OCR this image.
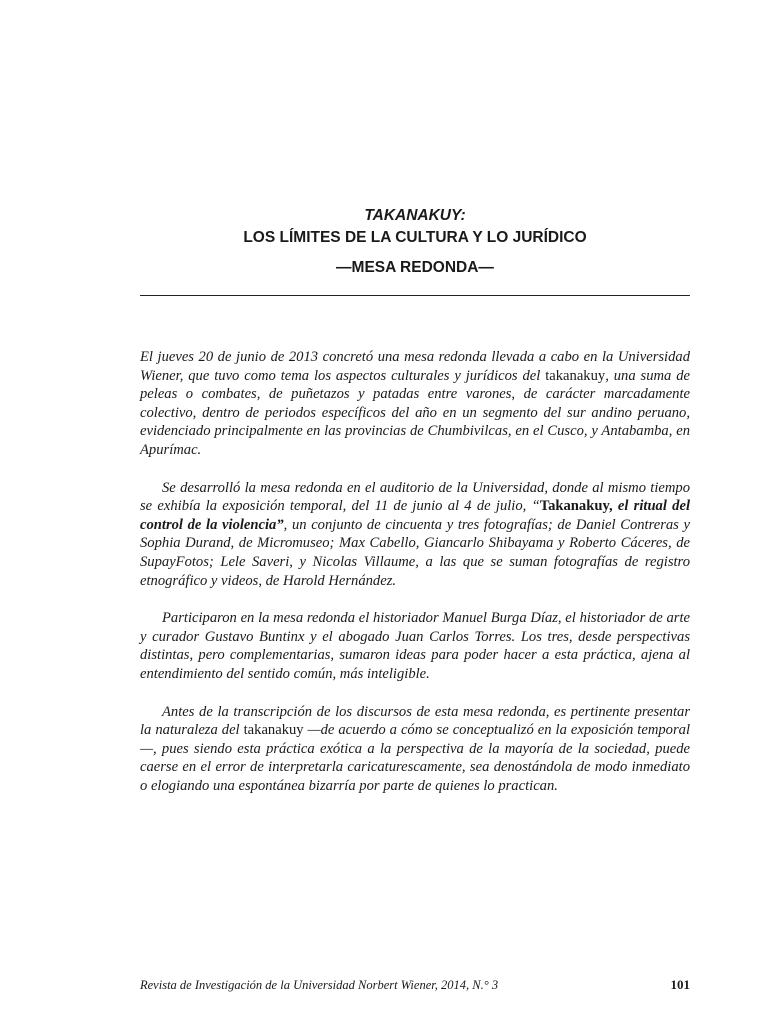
TAKANAKUY:
LOS LÍMITES DE LA CULTURA Y LO JURÍDICO
—MESA REDONDA—

El jueves 20 de junio de 2013 concretó una mesa redonda llevada a cabo en la Universidad Wiener, que tuvo como tema los aspectos culturales y jurídicos del takanakuy, una suma de peleas o combates, de puñetazos y patadas entre varones, de carácter marcadamente colectivo, dentro de periodos específicos del año en un segmento del sur andino peruano, evidenciado principalmente en las provincias de Chumbivilcas, en el Cusco, y Antabamba, en Apurímac.

Se desarrolló la mesa redonda en el auditorio de la Universidad, donde al mismo tiempo se exhibía la exposición temporal, del 11 de junio al 4 de julio, “Takanakuy, el ritual del control de la violencia”, un conjunto de cincuenta y tres fotografías; de Daniel Contreras y Sophia Durand, de Micromuseo; Max Cabello, Giancarlo Shibayama y Roberto Cáceres, de SupayFotos; Lele Saveri, y Nicolas Villaume, a las que se suman fotografías de registro etnográfico y videos, de Harold Hernández.

Participaron en la mesa redonda el historiador Manuel Burga Díaz, el historiador de arte y curador Gustavo Buntinx y el abogado Juan Carlos Torres. Los tres, desde perspectivas distintas, pero complementarias, sumaron ideas para poder hacer a esta práctica, ajena al entendimiento del sentido común, más inteligible.

Antes de la transcripción de los discursos de esta mesa redonda, es pertinente presentar la naturaleza del takanakuy —de acuerdo a cómo se conceptualizó en la exposición temporal—, pues siendo esta práctica exótica a la perspectiva de la mayoría de la sociedad, puede caerse en el error de interpretarla caricaturescamente, sea denostándola de modo inmediato o elogiando una espontánea bizarría por parte de quienes lo practican.

Revista de Investigación de la Universidad Norbert Wiener, 2014, N.° 3	101
